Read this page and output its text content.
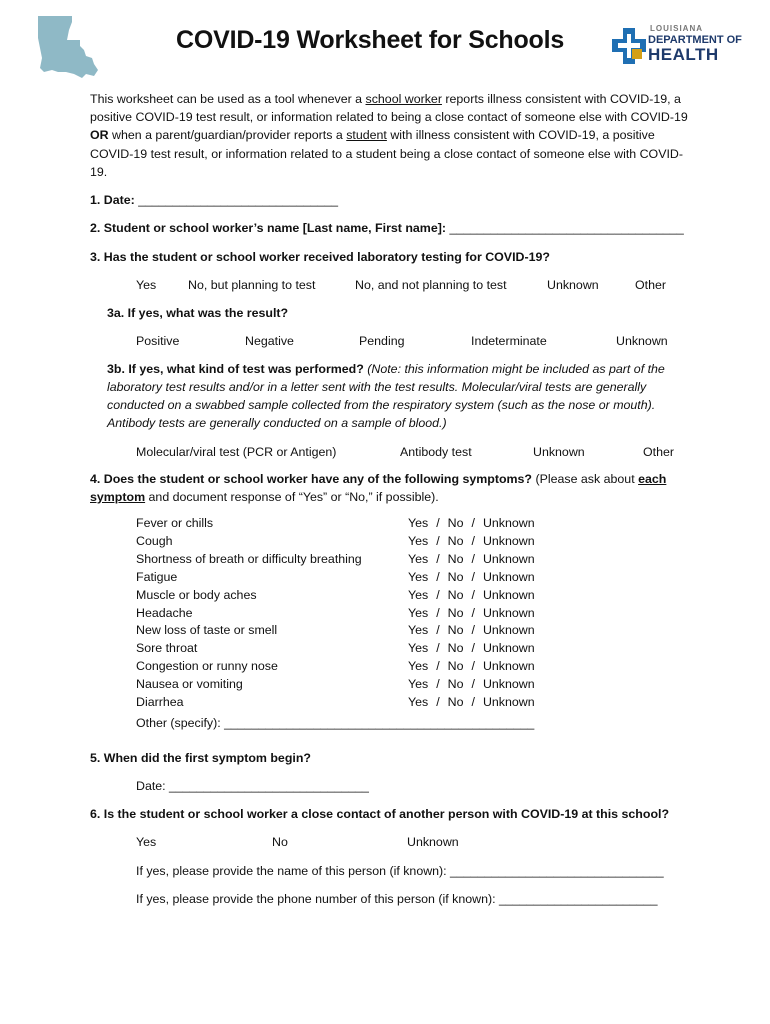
COVID-19 Worksheet for Schools	LOUISIANA
DEPARTMENT OF
HEALTH
This worksheet can be used as a tool whenever a school worker reports illness consistent with COVID-19, a positive COVID-19 test result, or information related to being a close contact of someone else with COVID-19 OR when a parent/guardian/provider reports a student with illness consistent with COVID-19, a positive COVID-19 test result, or information related to a student being a close contact of someone else with COVID-19.
1. Date: _____________________________
2. Student or school worker’s name [Last name, First name]: __________________________________
3. Has the student or school worker received laboratory testing for COVID-19?
Yes	No, but planning to test	No, and not planning to test	Unknown	Other
3a. If yes, what was the result?
Positive	Negative	Pending	Indeterminate	Unknown
3b. If yes, what kind of test was performed? (Note: this information might be included as part of the laboratory test results and/or in a letter sent with the test results. Molecular/viral tests are generally conducted on a swabbed sample collected from the respiratory system (such as the nose or mouth). Antibody tests are generally conducted on a sample of blood.)
Molecular/viral test (PCR or Antigen)	Antibody test	Unknown	Other
4. Does the student or school worker have any of the following symptoms? (Please ask about each
symptom and document response of “Yes” or “No,” if possible).
Fever or chills	Yes / No / Unknown
Cough	Yes / No / Unknown
Shortness of breath or difficulty breathing	Yes / No / Unknown
Fatigue	Yes / No / Unknown
Muscle or body aches	Yes / No / Unknown
Headache	Yes / No / Unknown
New loss of taste or smell	Yes / No / Unknown
Sore throat	Yes / No / Unknown
Congestion or runny nose	Yes / No / Unknown
Nausea or vomiting	Yes / No / Unknown
Diarrhea	Yes / No / Unknown
Other (specify): _____________________________________________
5. When did the first symptom begin?
Date: _____________________________
6. Is the student or school worker a close contact of another person with COVID-19 at this school?
Yes	No	Unknown
If yes, please provide the name of this person (if known): _______________________________
If yes, please provide the phone number of this person (if known): _______________________
